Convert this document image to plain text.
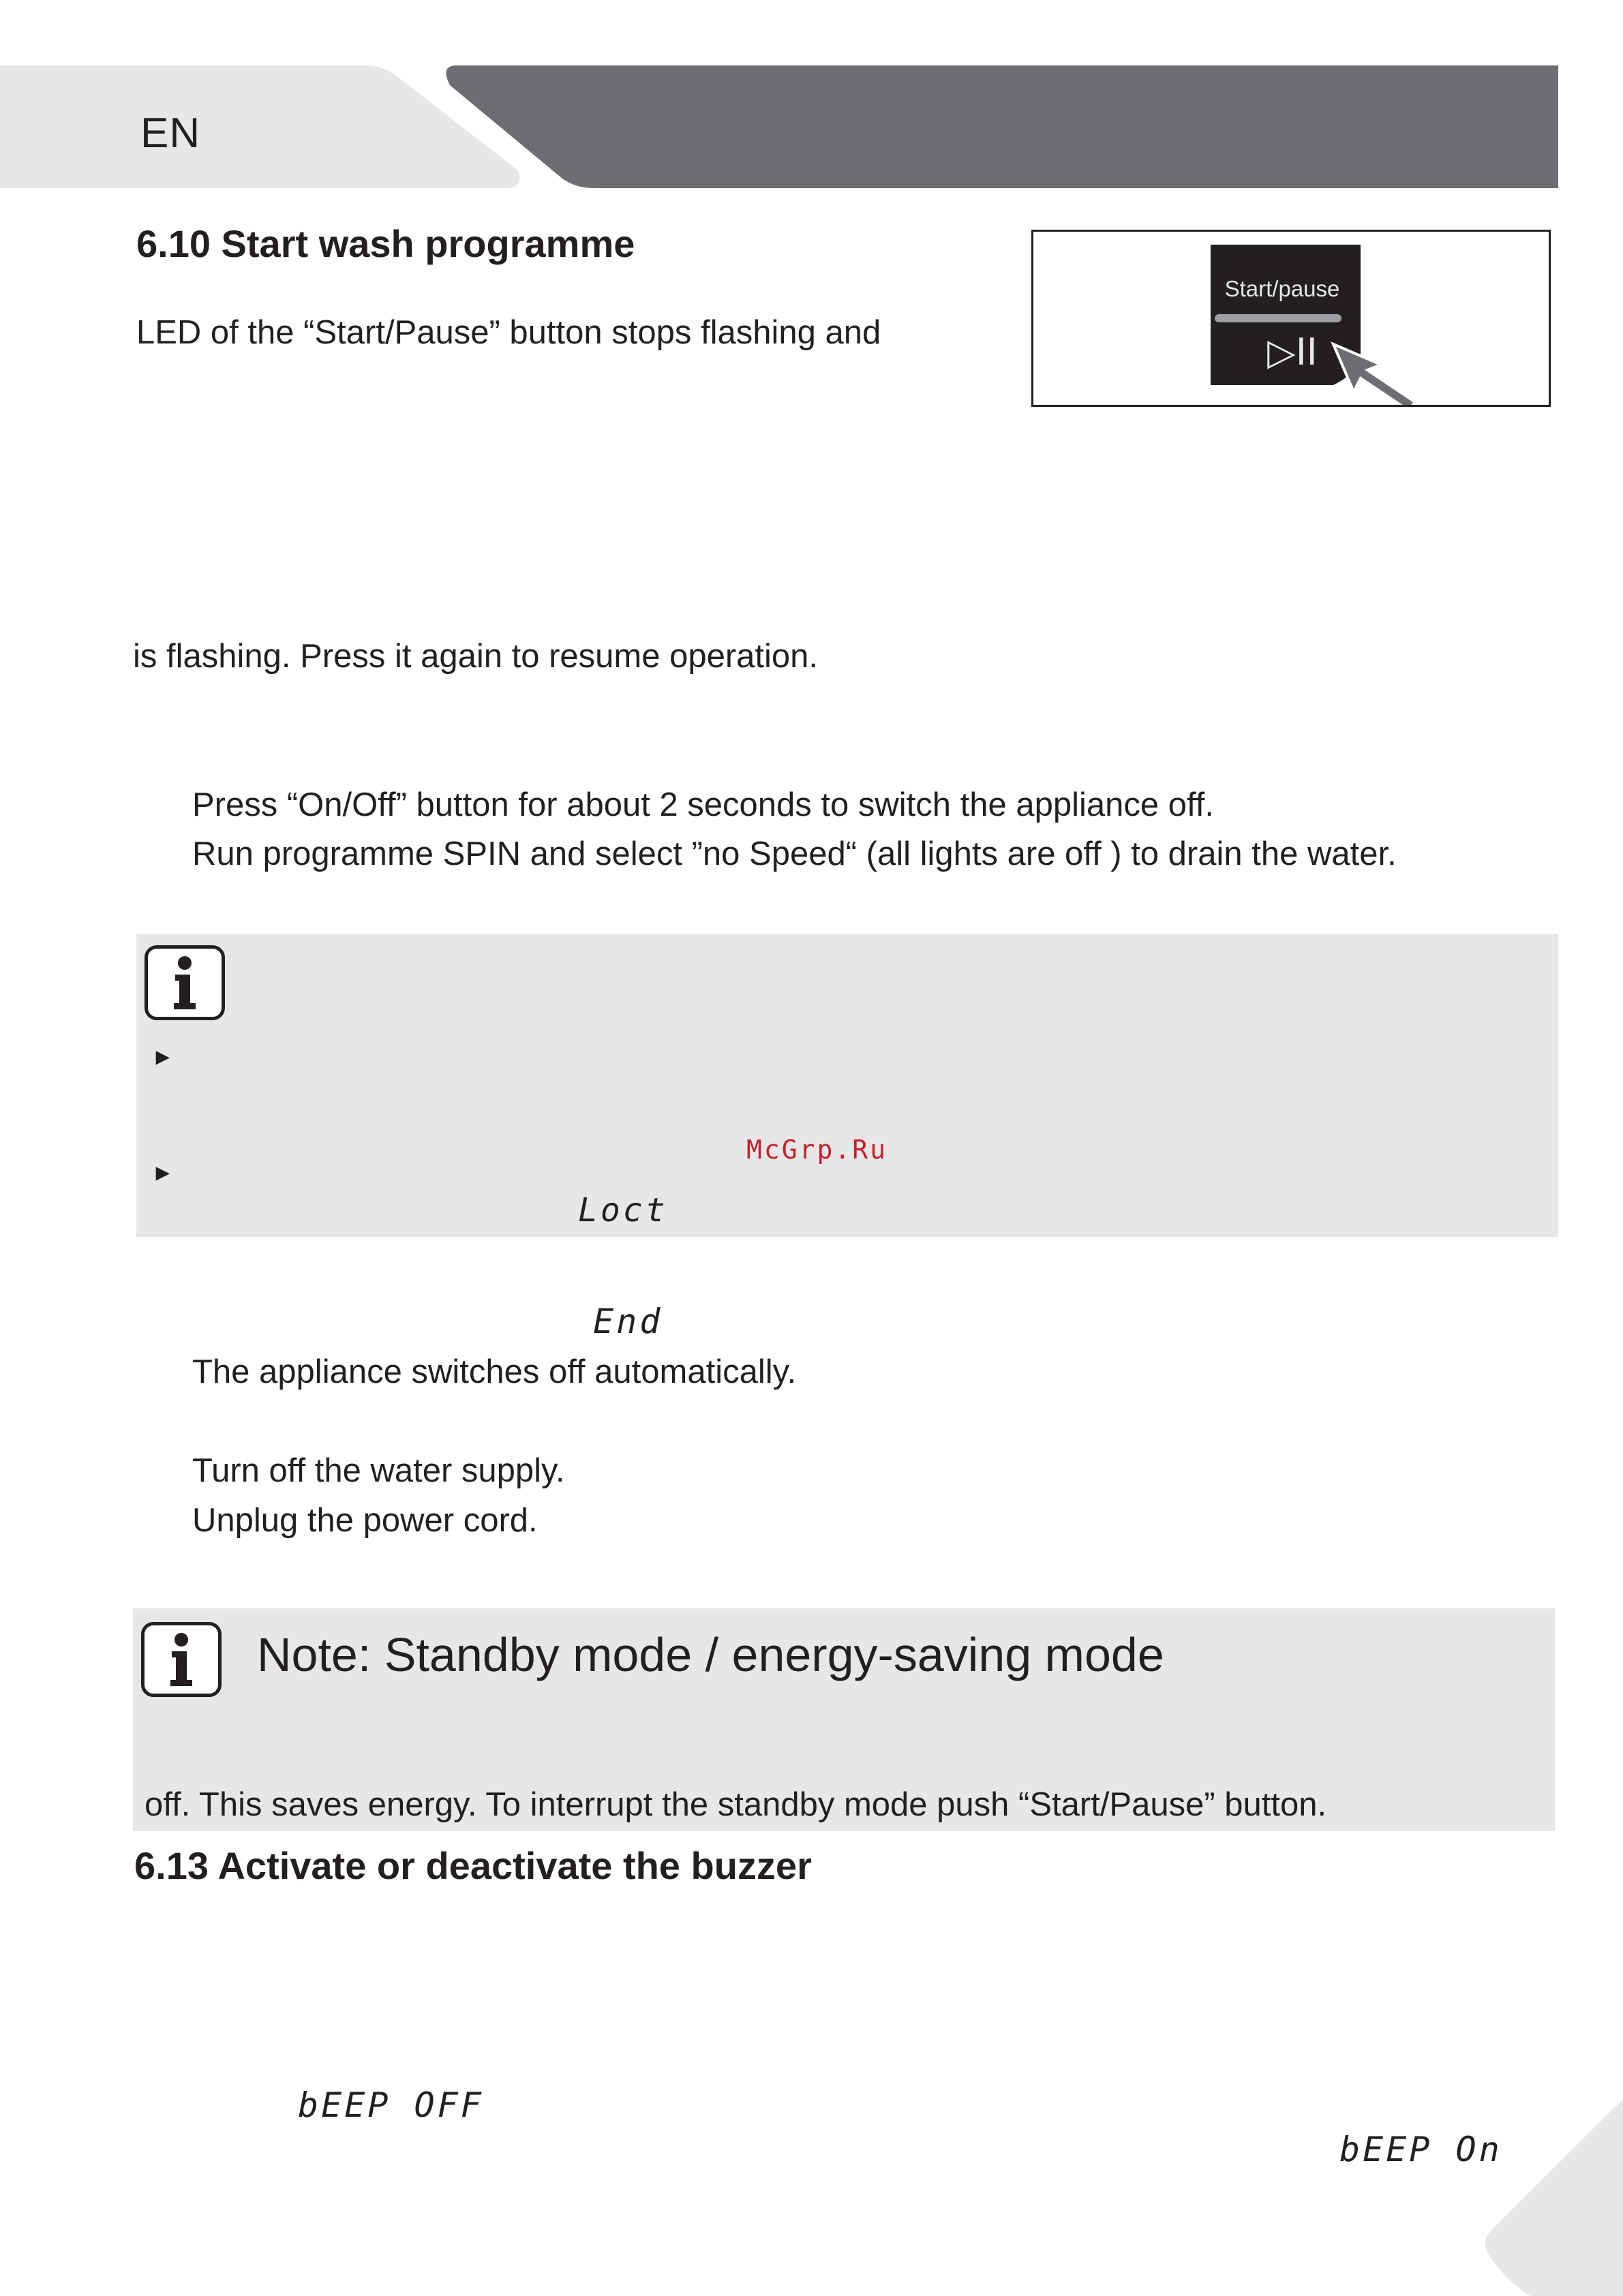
EN
6.10 Start wash programme
LED of the “Start/Pause” button stops flashing and
Start/pause
▷II
is flashing. Press it again to resume operation.
Press “On/Off” button for about 2 seconds to switch the appliance off.
Run programme SPIN and select ”no Speed“ (all lights are off ) to drain the water.
►
►
McGrp.Ru
Loct
End
The appliance switches off automatically.
Turn off the water supply.
Unplug the power cord.
Note: Standby mode / energy-saving mode
off. This saves energy. To interrupt the standby mode push “Start/Pause” button.
6.13 Activate or deactivate the buzzer
bEEP OFF
bEEP On
